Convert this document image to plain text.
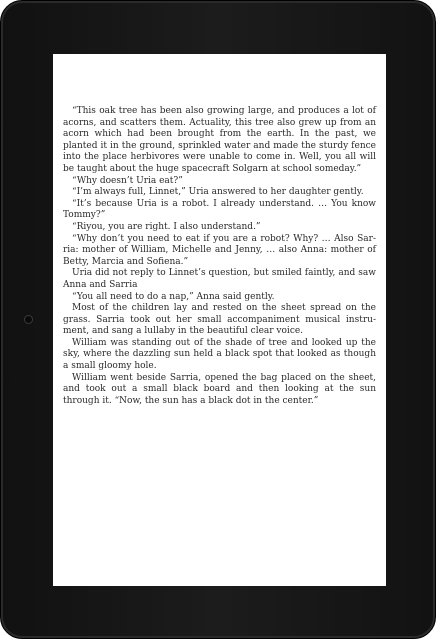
“This oak tree has been also growing large, and produces a lot of acorns, and scatters them. Actuality, this tree also grew up from an acorn which had been brought from the earth. In the past, we planted it in the ground, sprinkled water and made the sturdy fence into the place herbivores were unable to come in. Well, you all will be taught about the huge spacecraft Solgarn at school someday.”

“Why doesn’t Uria eat?”

“I’m always full, Linnet,” Uria answered to her daughter gently.

“It’s because Uria is a robot. I already understand. … You know Tommy?”

“Riyou, you are right. I also understand.”

“Why don’t you need to eat if you are a robot? Why? … Also Sarria: mother of William, Michelle and Jenny, … also Anna: mother of Betty, Marcia and Sofiena.”

Uria did not reply to Linnet’s question, but smiled faintly, and saw Anna and Sarria

“You all need to do a nap,” Anna said gently.

Most of the children lay and rested on the sheet spread on the grass. Sarria took out her small accompaniment musical instrument, and sang a lullaby in the beautiful clear voice.

William was standing out of the shade of tree and looked up the sky, where the dazzling sun held a black spot that looked as though a small gloomy hole.

William went beside Sarria, opened the bag placed on the sheet, and took out a small black board and then looking at the sun through it. “Now, the sun has a black dot in the center.”
